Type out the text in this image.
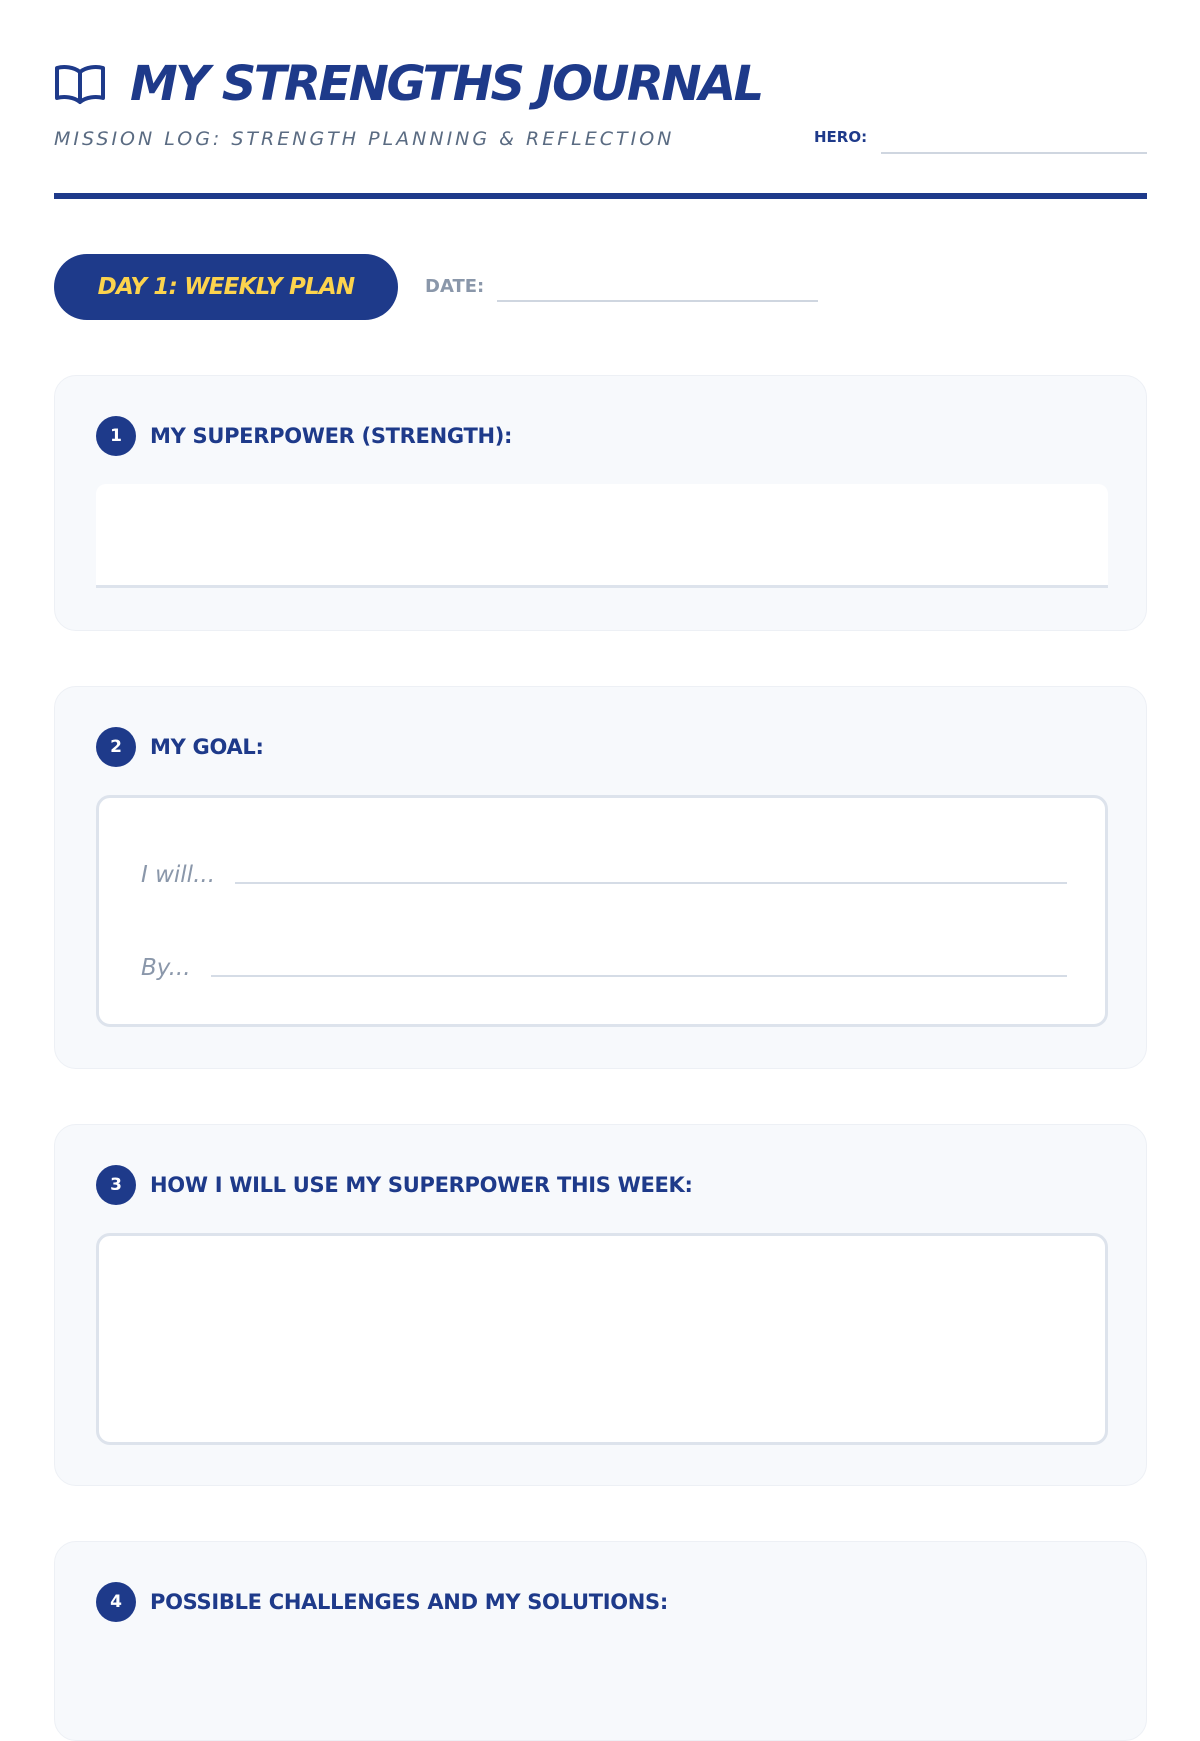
MY STRENGTHS JOURNAL
MISSION LOG: STRENGTH PLANNING & REFLECTION	HERO:
DAY 1: WEEKLY PLAN	DATE:
1	MY SUPERPOWER (STRENGTH):
2	MY GOAL:
I will...
By...
3	HOW I WILL USE MY SUPERPOWER THIS WEEK:
4	POSSIBLE CHALLENGES AND MY SOLUTIONS:
